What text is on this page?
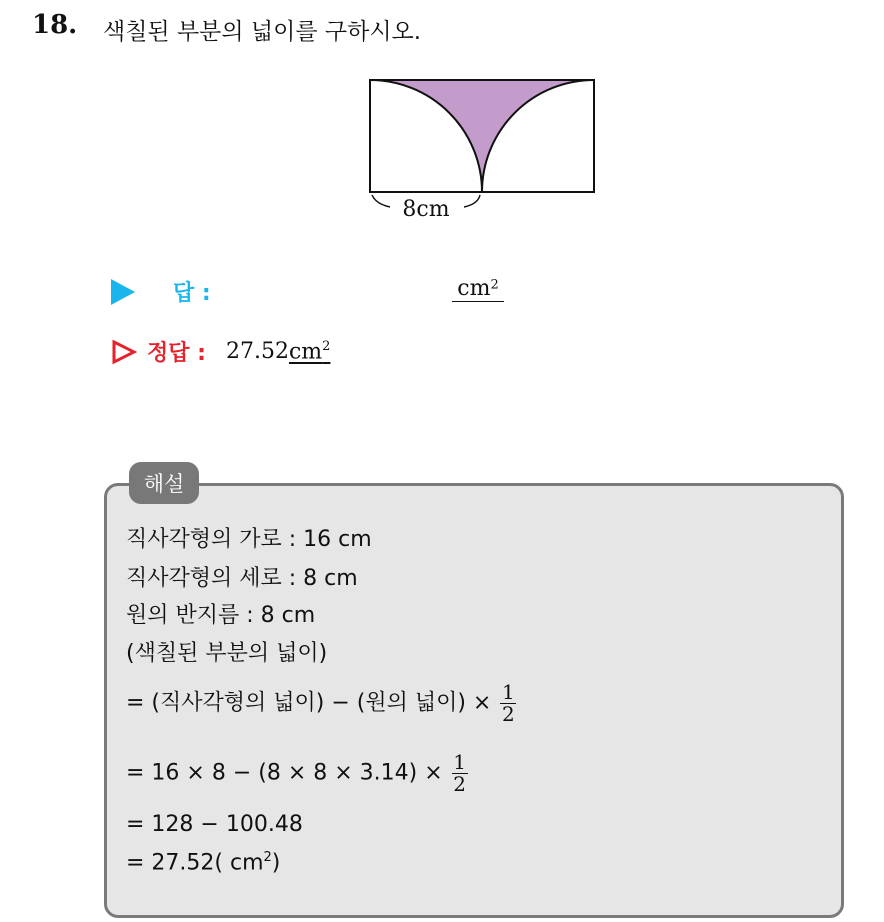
18. 색칠된 부분의 넓이를 구하시오.
8cm
답 :	$cm^2$
정답 : 27.52 $cm^2$
해설
직사각형의 가로 : 16 cm
직사각형의 세로 : 8 cm
원의 반지름 : 8 cm
(색칠된 부분의 넓이)
= (직사각형의 넓이) − (원의 넓이) × $\frac{1}{2}$
= $16 \times 8 - (8 \times 8 \times 3.14) \times \frac{1}{2}$
= 128 − 100.48
= 27.52( $cm^2$)
